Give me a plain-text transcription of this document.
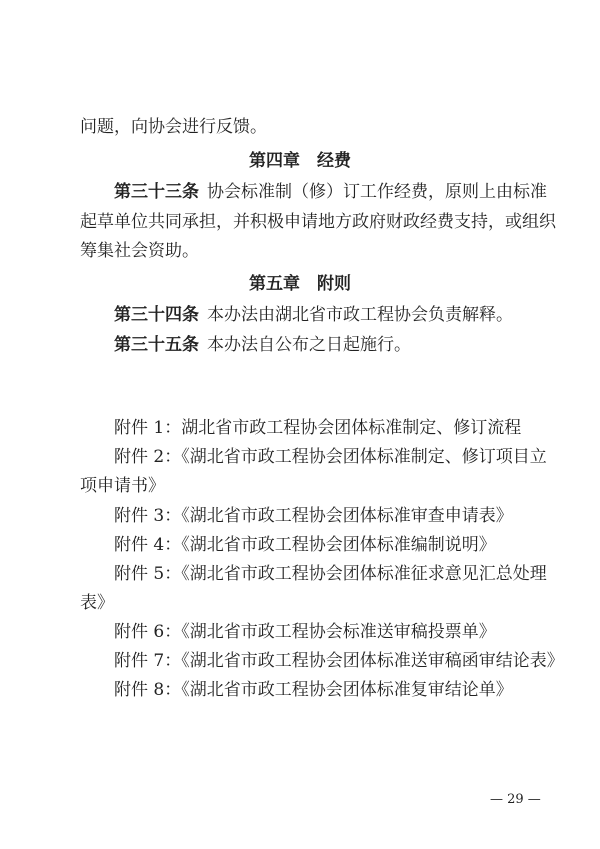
问题，向协会进行反馈。
第四章 经费
第三十三条 协会标准制（修）订工作经费，原则上由标准
起草单位共同承担，并积极申请地方政府财政经费支持，或组织
筹集社会资助。
第五章 附则
第三十四条 本办法由湖北省市政工程协会负责解释。
第三十五条 本办法自公布之日起施行。
附件 1：湖北省市政工程协会团体标准制定、修订流程
附件 2：《湖北省市政工程协会团体标准制定、修订项目立
项申请书》
附件 3：《湖北省市政工程协会团体标准审查申请表》
附件 4：《湖北省市政工程协会团体标准编制说明》
附件 5：《湖北省市政工程协会团体标准征求意见汇总处理
表》
附件 6：《湖北省市政工程协会标准送审稿投票单》
附件 7：《湖北省市政工程协会团体标准送审稿函审结论表》
附件 8：《湖北省市政工程协会团体标准复审结论单》
— 29 —
